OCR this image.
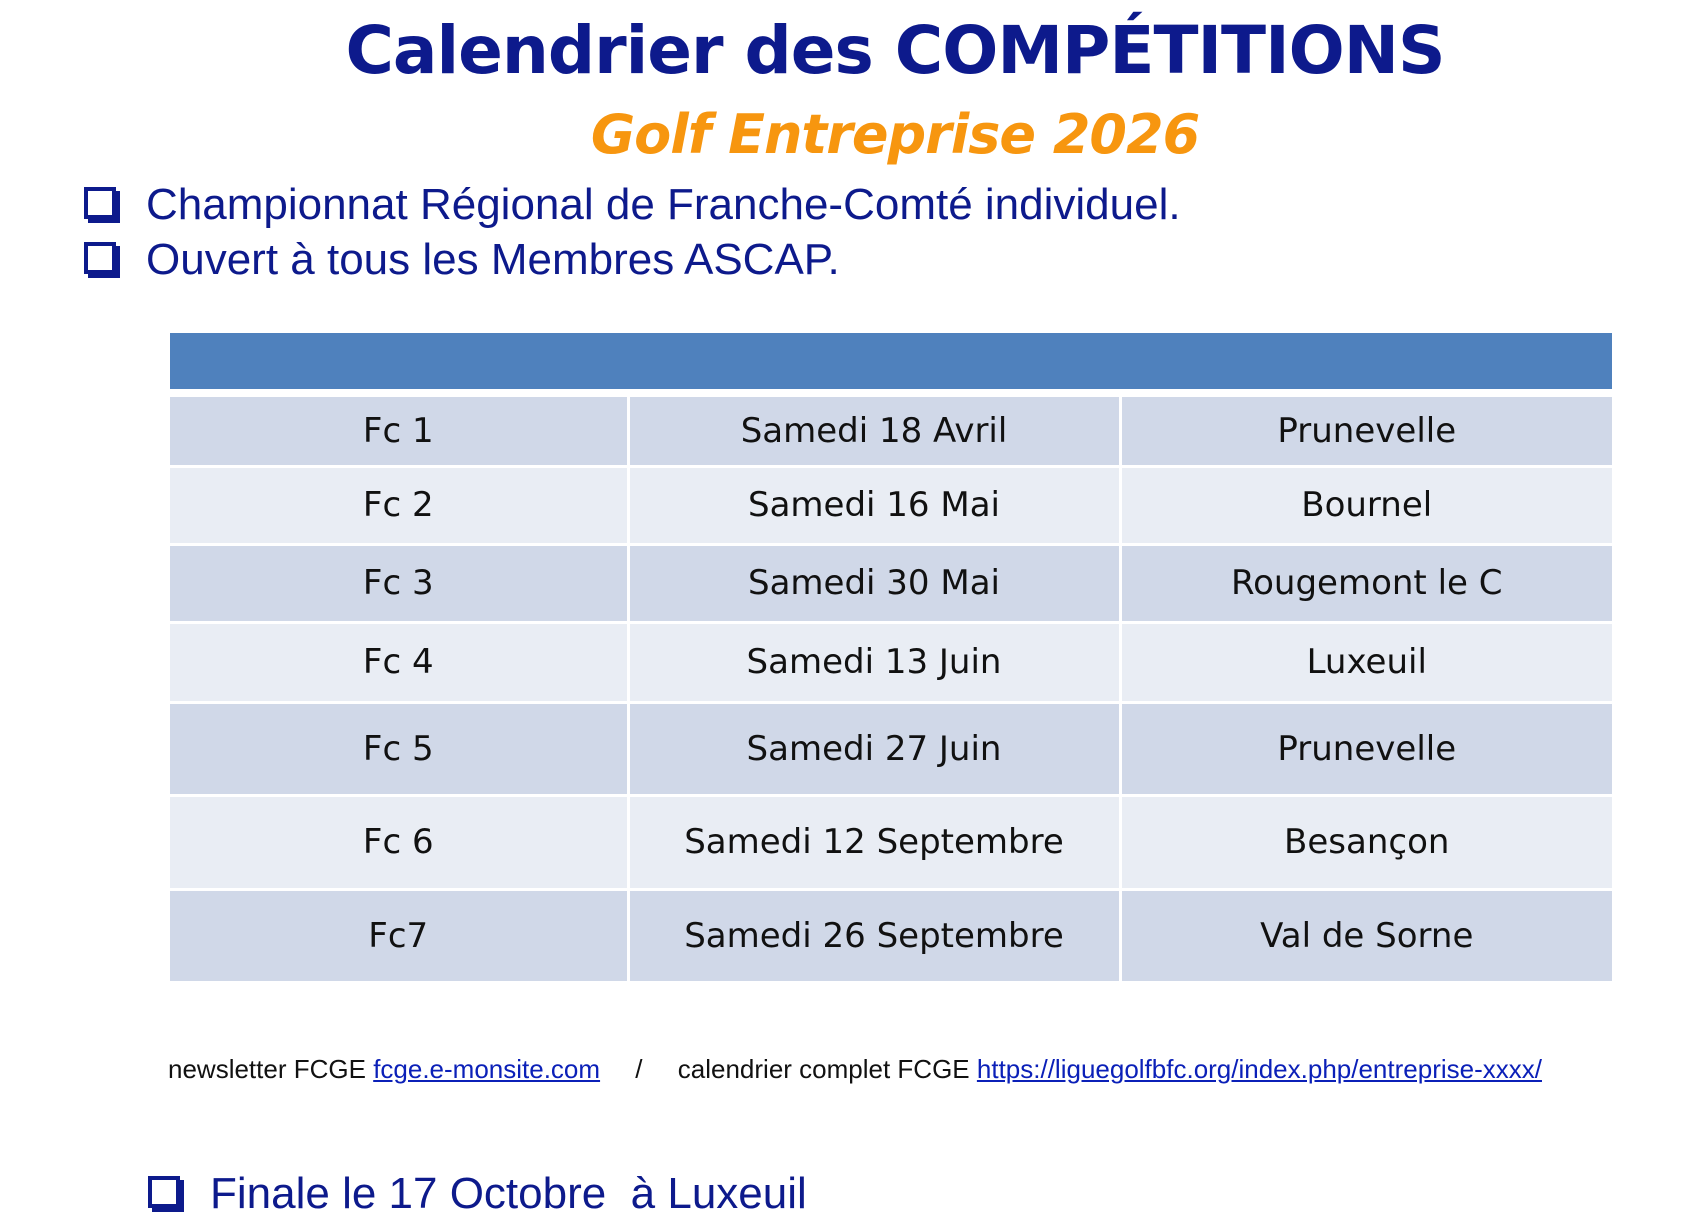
Calendrier des COMPÉTITIONS
Golf Entreprise 2026
Championnat Régional de Franche-Comté individuel.
Ouvert à tous les Membres ASCAP.

Fc 1	Samedi 18 Avril	Prunevelle
Fc 2	Samedi 16 Mai	Bournel
Fc 3	Samedi 30 Mai	Rougemont le C
Fc 4	Samedi 13 Juin	Luxeuil
Fc 5	Samedi 27 Juin	Prunevelle
Fc 6	Samedi 12 Septembre	Besançon
Fc7	Samedi 26 Septembre	Val de Sorne
newsletter FCGE fcge.e-monsite.com / calendrier complet FCGE https://liguegolfbfc.org/index.php/entreprise-xxxx/
Finale le 17 Octobre  à Luxeuil
